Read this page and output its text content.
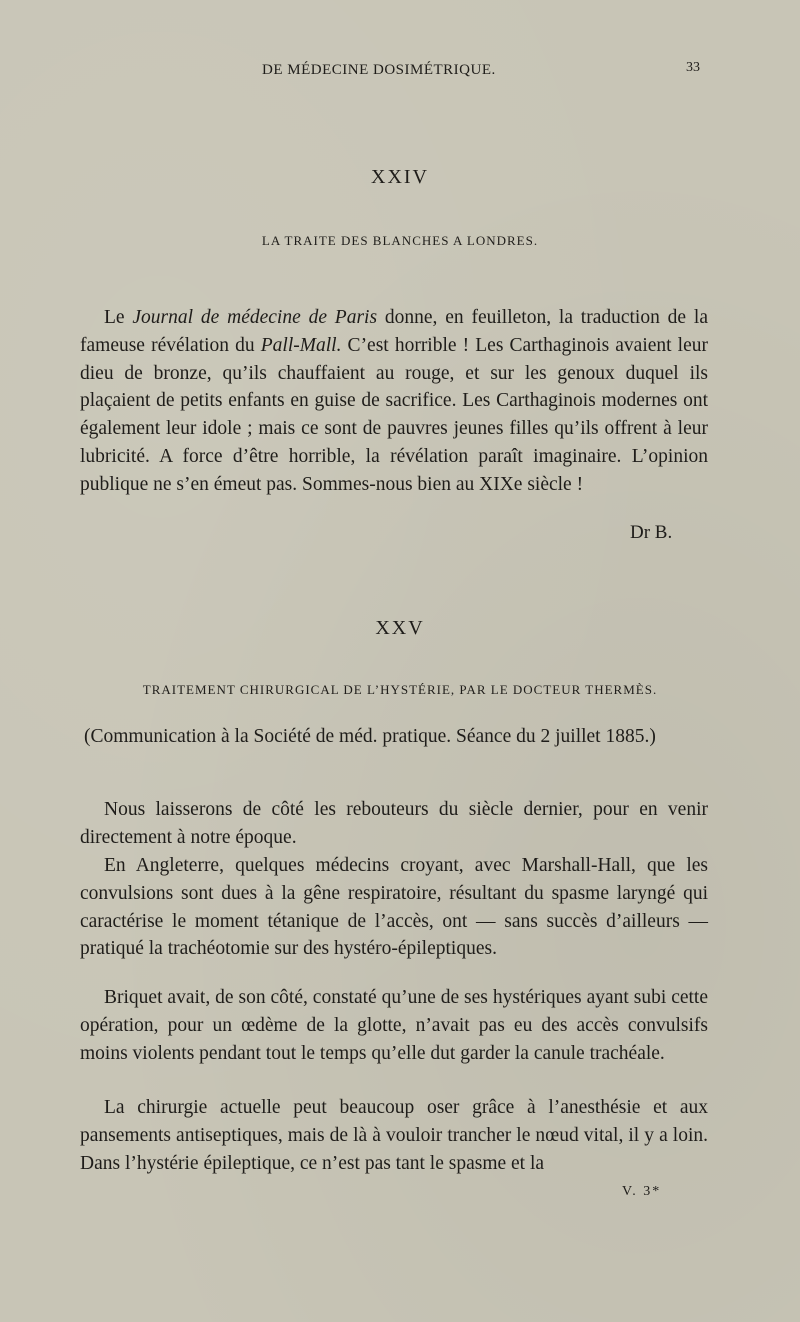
DE MÉDECINE DOSIMÉTRIQUE.	33
XXIV
LA TRAITE DES BLANCHES A LONDRES.

Le Journal de médecine de Paris donne, en feuilleton, la traduction de la fameuse révélation du Pall-Mall. C’est horrible ! Les Carthaginois avaient leur dieu de bronze, qu’ils chauffaient au rouge, et sur les genoux duquel ils plaçaient de petits enfants en guise de sacrifice. Les Carthaginois modernes ont également leur idole ; mais ce sont de pauvres jeunes filles qu’ils offrent à leur lubricité. A force d’être horrible, la révélation paraît imaginaire. L’opinion publique ne s’en émeut pas. Sommes-nous bien au XIXe siècle !

Dr B.
XXV
TRAITEMENT CHIRURGICAL DE L’HYSTÉRIE, PAR LE DOCTEUR THERMÈS.
(Communication à la Société de méd. pratique. Séance du 2 juillet 1885.)

Nous laisserons de côté les rebouteurs du siècle dernier, pour en venir directement à notre époque.

En Angleterre, quelques médecins croyant, avec Marshall-Hall, que les convulsions sont dues à la gêne respiratoire, résultant du spasme laryngé qui caractérise le moment tétanique de l’accès, ont — sans succès d’ailleurs — pratiqué la trachéotomie sur des hystéro-épileptiques.

Briquet avait, de son côté, constaté qu’une de ses hystériques ayant subi cette opération, pour un œdème de la glotte, n’avait pas eu des accès convulsifs moins violents pendant tout le temps qu’elle dut garder la canule trachéale.

La chirurgie actuelle peut beaucoup oser grâce à l’anesthésie et aux pansements antiseptiques, mais de là à vouloir trancher le nœud vital, il y a loin. Dans l’hystérie épileptique, ce n’est pas tant le spasme et la

V. 3*
